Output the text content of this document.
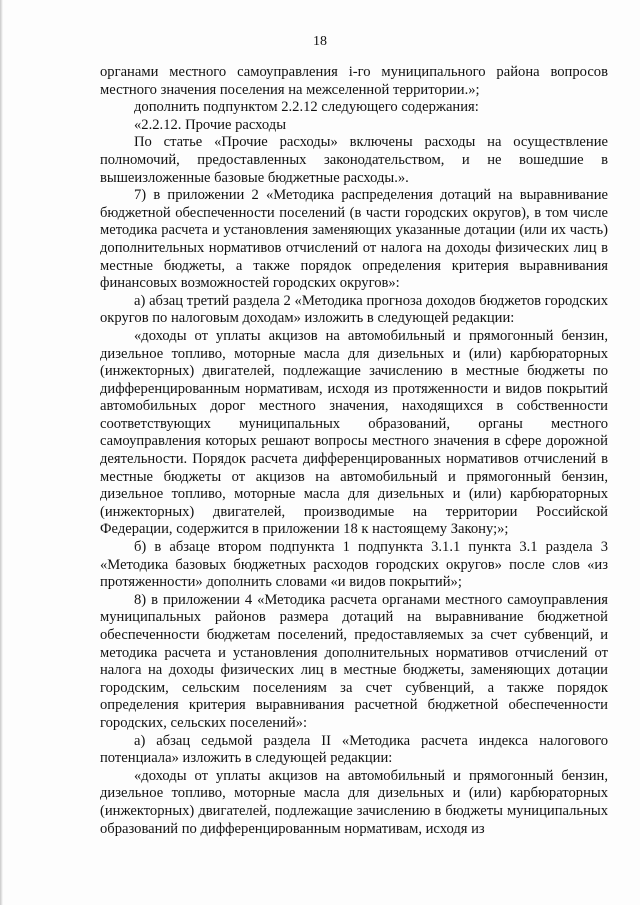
18

органами местного самоуправления i-го муниципального района вопросов местного значения поселения на межселенной территории.»;

дополнить подпунктом 2.2.12 следующего содержания:

«2.2.12. Прочие расходы

По статье «Прочие расходы» включены расходы на осуществление полномочий, предоставленных законодательством, и не вошедшие в вышеизложенные базовые бюджетные расходы.».

7) в приложении 2 «Методика распределения дотаций на выравнивание бюджетной обеспеченности поселений (в части городских округов), в том числе методика расчета и установления заменяющих указанные дотации (или их часть) дополнительных нормативов отчислений от налога на доходы физических лиц в местные бюджеты, а также порядок определения критерия выравнивания финансовых возможностей городских округов»:

а) абзац третий раздела 2 «Методика прогноза доходов бюджетов городских округов по налоговым доходам» изложить в следующей редакции:

«доходы от уплаты акцизов на автомобильный и прямогонный бензин, дизельное топливо, моторные масла для дизельных и (или) карбюраторных (инжекторных) двигателей, подлежащие зачислению в местные бюджеты по дифференцированным нормативам, исходя из протяженности и видов покрытий автомобильных дорог местного значения, находящихся в собственности соответствующих муниципальных образований, органы местного самоуправления которых решают вопросы местного значения в сфере дорожной деятельности. Порядок расчета дифференцированных нормативов отчислений в местные бюджеты от акцизов на автомобильный и прямогонный бензин, дизельное топливо, моторные масла для дизельных и (или) карбюраторных (инжекторных) двигателей, производимые на территории Российской Федерации, содержится в приложении 18 к настоящему Закону;»;

б) в абзаце втором подпункта 1 подпункта 3.1.1 пункта 3.1 раздела 3 «Методика базовых бюджетных расходов городских округов» после слов «из протяженности» дополнить словами «и видов покрытий»;

8) в приложении 4 «Методика расчета органами местного самоуправления муниципальных районов размера дотаций на выравнивание бюджетной обеспеченности бюджетам поселений, предоставляемых за счет субвенций, и методика расчета и установления дополнительных нормативов отчислений от налога на доходы физических лиц в местные бюджеты, заменяющих дотации городским, сельским поселениям за счет субвенций, а также порядок определения критерия выравнивания расчетной бюджетной обеспеченности городских, сельских поселений»:

а) абзац седьмой раздела II «Методика расчета индекса налогового потенциала» изложить в следующей редакции:

«доходы от уплаты акцизов на автомобильный и прямогонный бензин, дизельное топливо, моторные масла для дизельных и (или) карбюраторных (инжекторных) двигателей, подлежащие зачислению в бюджеты муниципальных образований по дифференцированным нормативам, исходя из
